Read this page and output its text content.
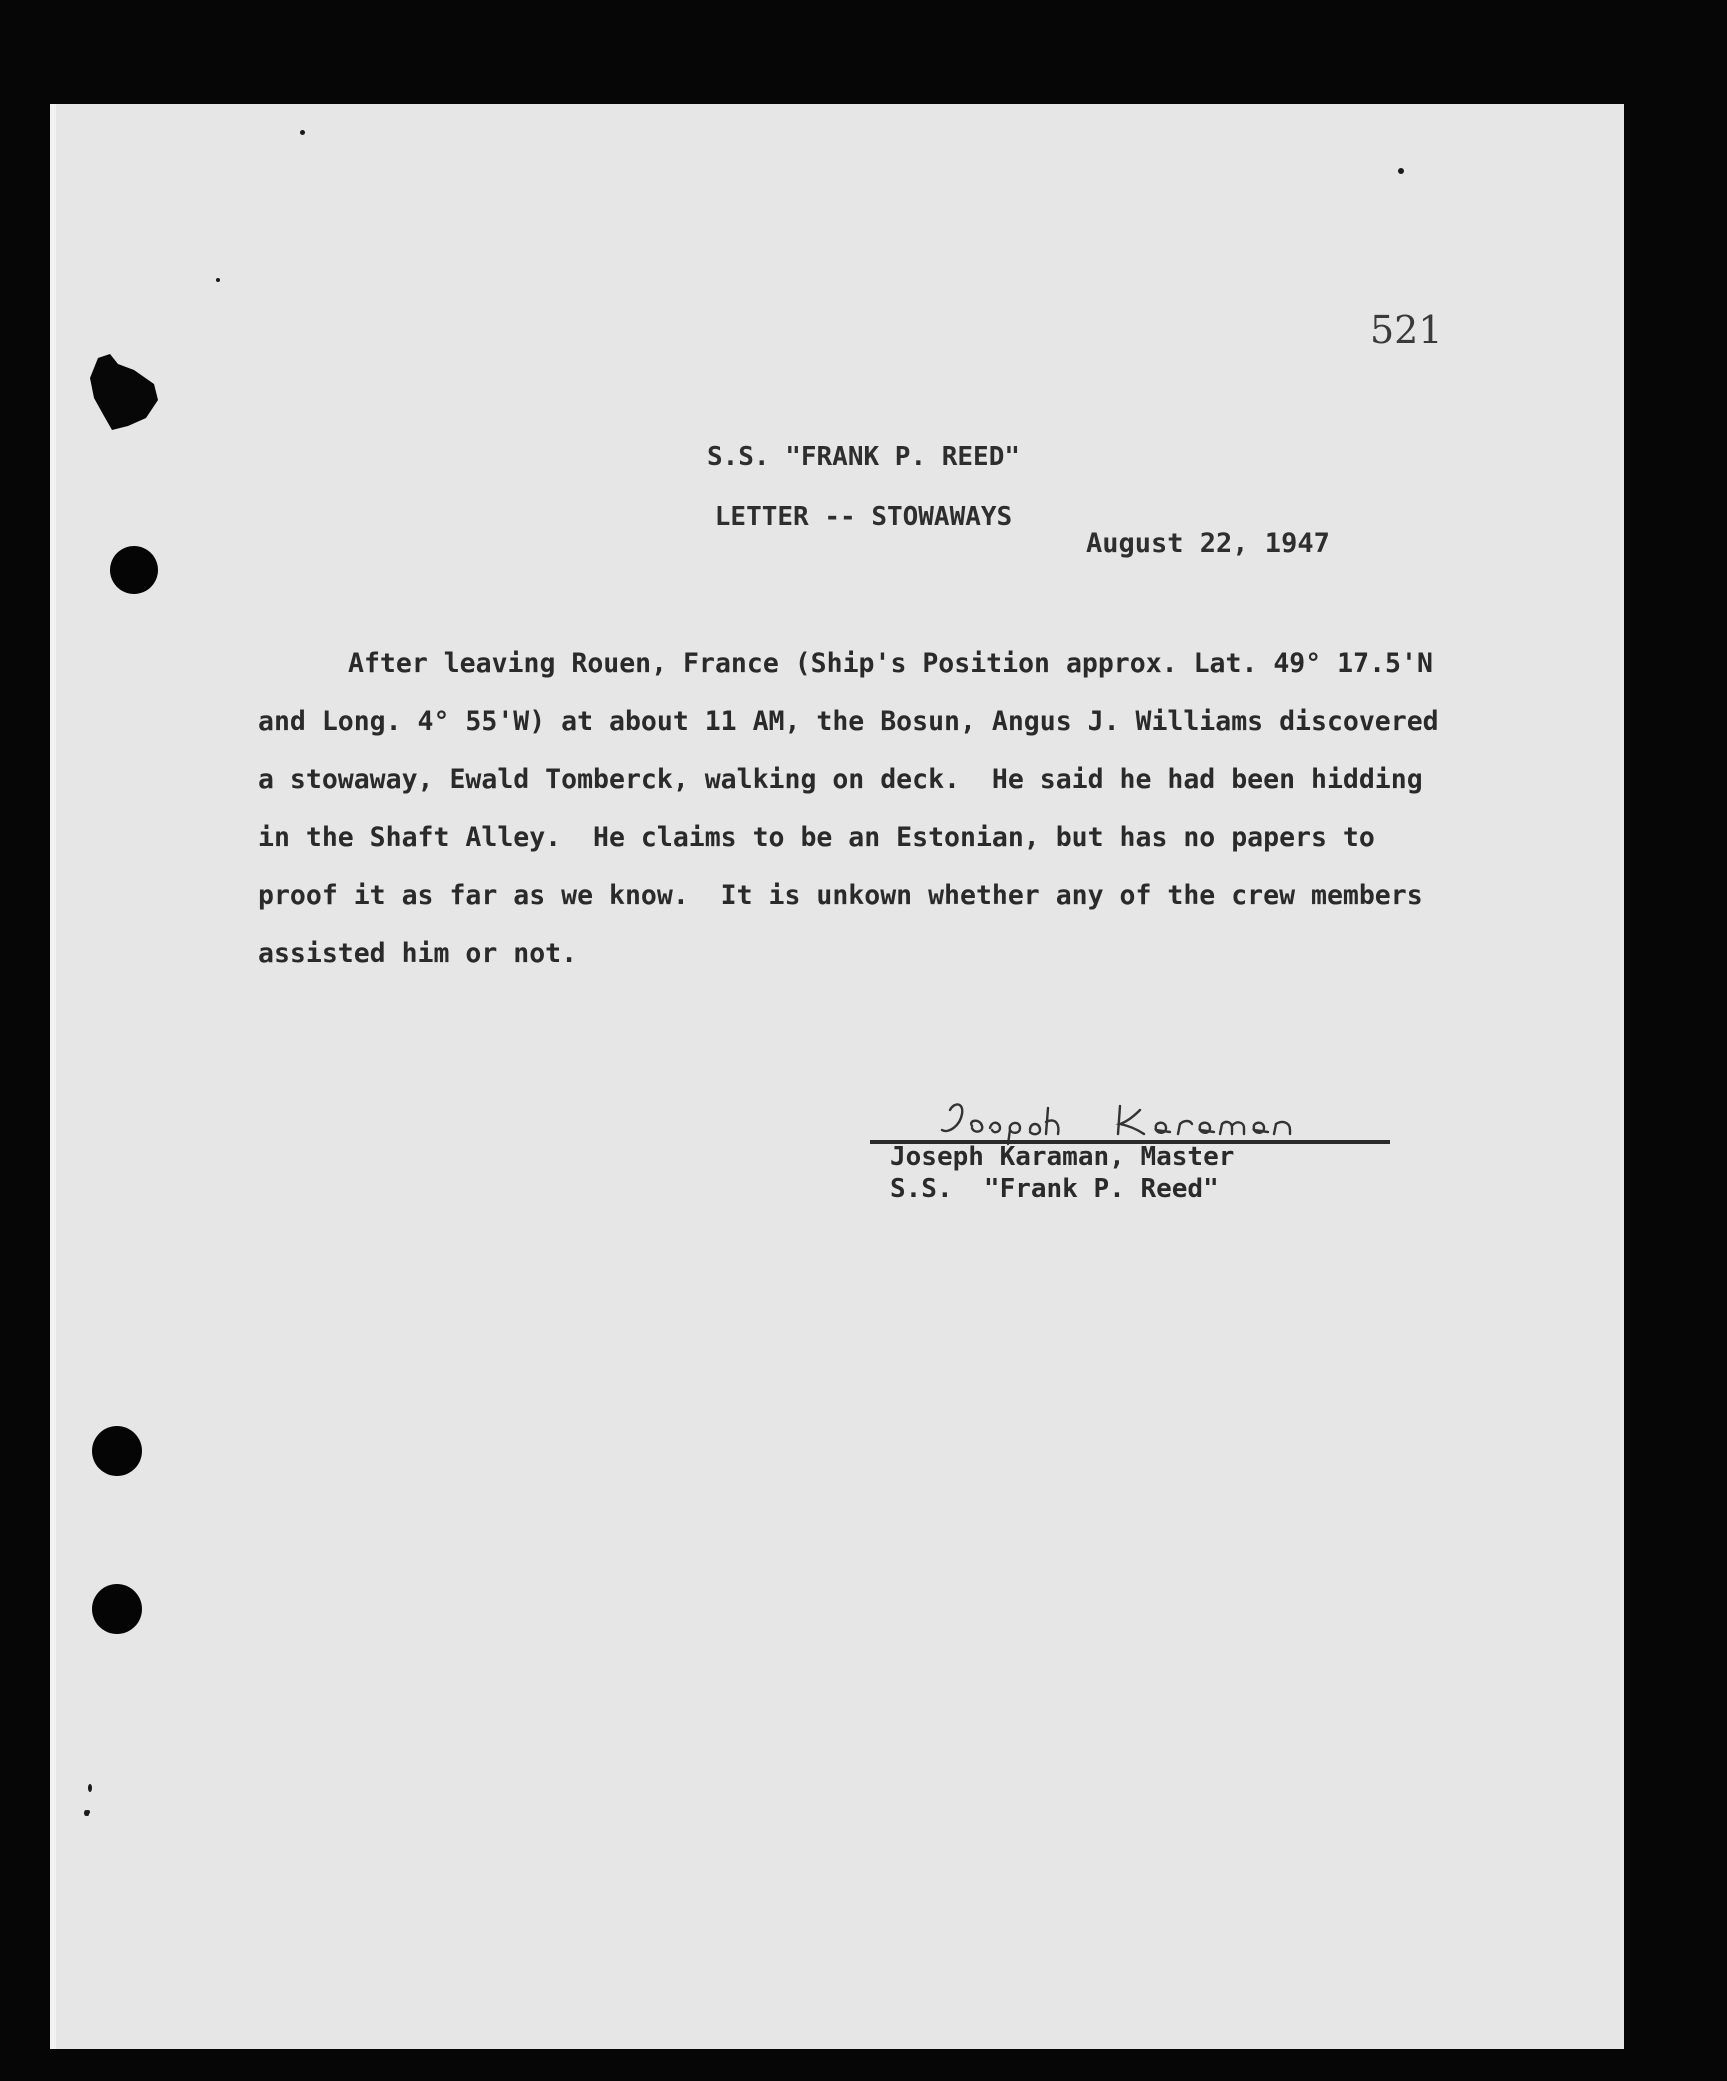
521
S.S. "FRANK P. REED"
LETTER -- STOWAWAYS
August 22, 1947
After leaving Rouen, France (Ship's Position approx. Lat. 49° 17.5'N
and Long. 4° 55'W) at about 11 AM, the Bosun, Angus J. Williams discovered
a stowaway, Ewald Tomberck, walking on deck.  He said he had been hidding
in the Shaft Alley.  He claims to be an Estonian, but has no papers to
proof it as far as we know.  It is unkown whether any of the crew members
assisted him or not.
Joseph Karaman, Master
S.S.  "Frank P. Reed"
